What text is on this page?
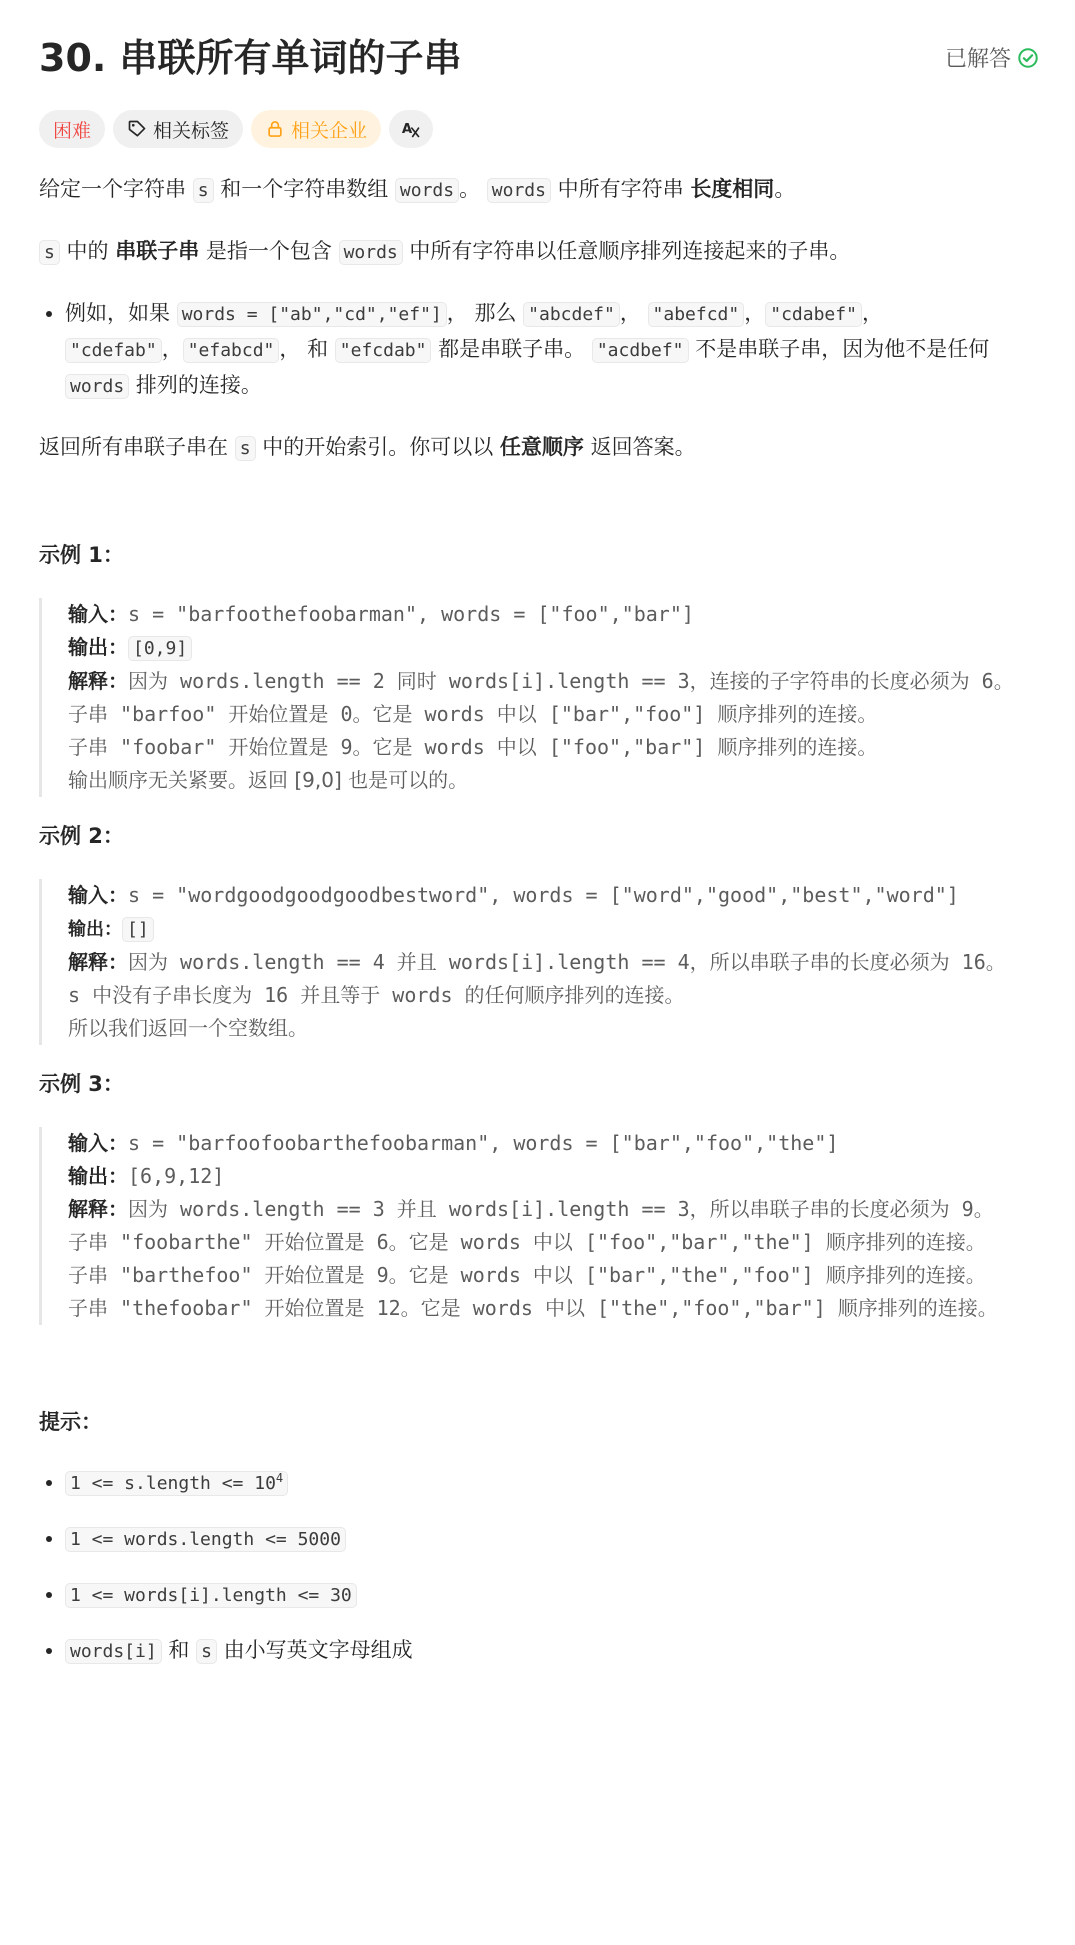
30. 串联所有单词的子串	已解答
困难	相关标签	相关企业 A

给定一个字符串 s 和一个字符串数组 words 。 words 中所有字符串 长度相同。

s 中的 串联子串 是指一个包含 words 中所有字符串以任意顺序排列连接起来的子串。

• 例如，如果 words = ["ab","cd","ef"] ， 那么 "abcdef" ， "abefcd" ， "cdabef" ， "cdefab" ， "efabcd" ， 和 "efcdab" 都是串联子串。 "acdbef" 不是串联子串，因为他不是任何 words 排列的连接。

返回所有串联子串在 s 中的开始索引。你可以以 任意顺序 返回答案。

示例 1：
输入：s = "barfoothefoobarman", words = ["foo","bar"]
输出： [0,9]
解释：因为 words.length == 2 同时 words[i].length == 3，连接的子字符串的长度必须为 6。
子串 "barfoo" 开始位置是 0。它是 words 中以 ["bar","foo"] 顺序排列的连接。
子串 "foobar" 开始位置是 9。它是 words 中以 ["foo","bar"] 顺序排列的连接。
输出顺序无关紧要。返回 [9,0] 也是可以的。
示例 2：
输入：s = "wordgoodgoodgoodbestword", words = ["word","good","best","word"]
输出： []
解释：因为 words.length == 4 并且 words[i].length == 4，所以串联子串的长度必须为 16。
s 中没有子串长度为 16 并且等于 words 的任何顺序排列的连接。
所以我们返回一个空数组。
示例 3：
输入：s = "barfoofoobarthefoobarman", words = ["bar","foo","the"]
输出：[6,9,12]
解释：因为 words.length == 3 并且 words[i].length == 3，所以串联子串的长度必须为 9。
子串 "foobarthe" 开始位置是 6。它是 words 中以 ["foo","bar","the"] 顺序排列的连接。
子串 "barthefoo" 开始位置是 9。它是 words 中以 ["bar","the","foo"] 顺序排列的连接。
子串 "thefoobar" 开始位置是 12。它是 words 中以 ["the","foo","bar"] 顺序排列的连接。
提示：
• 1 <= s.length <= $10^4$
• 1 <= words.length <= 5000
• 1 <= words[i].length <= 30
• words[i] 和 s 由小写英文字母组成
